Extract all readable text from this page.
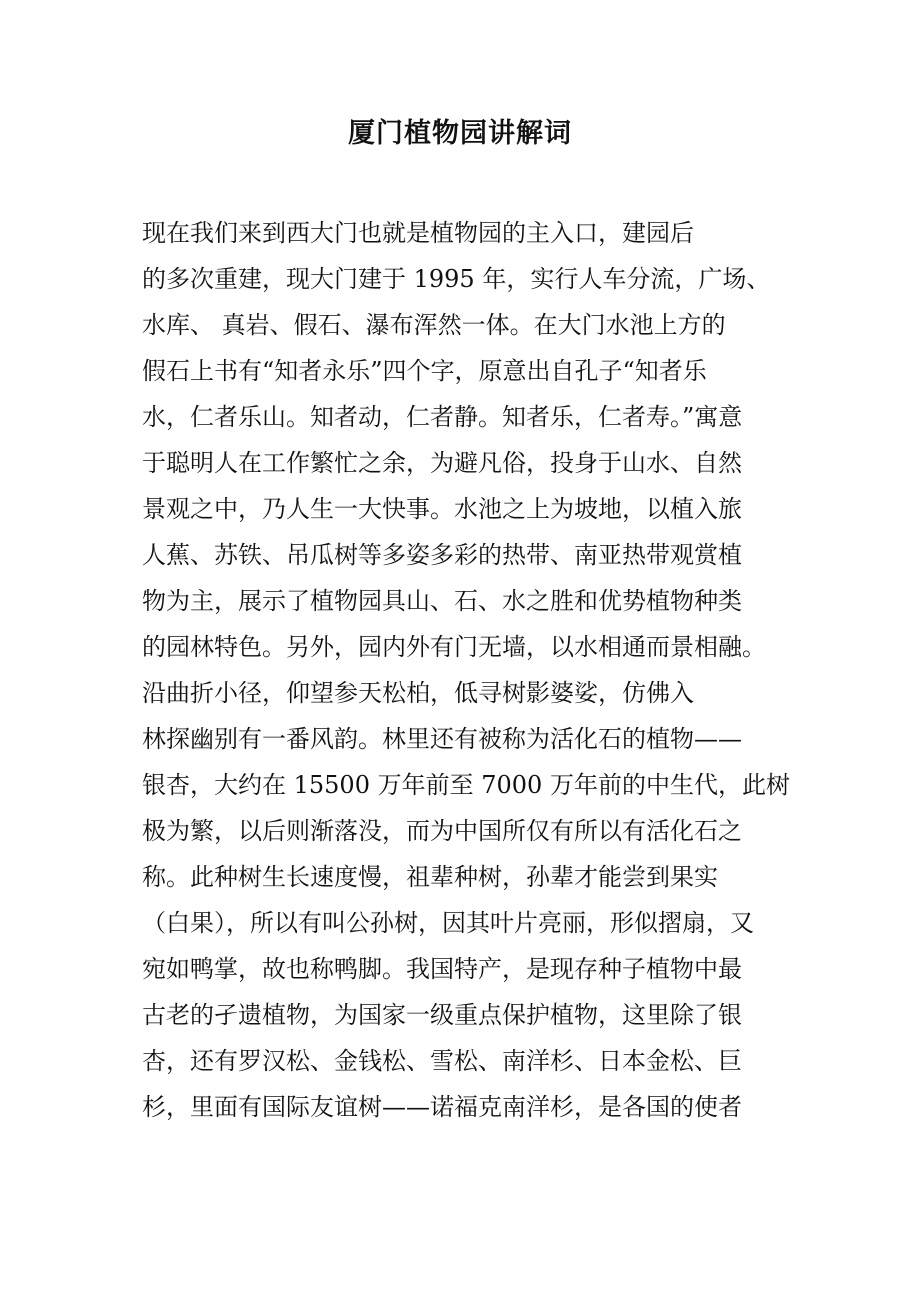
厦门植物园讲解词
现在我们来到西大门也就是植物园的主入口，建园后
的多次重建，现大门建于 1995 年，实行人车分流，广场、
水库、 真岩、假石、瀑布浑然一体。在大门水池上方的
假石上书有“知者永乐”四个字，原意出自孔子“知者乐
水，仁者乐山。知者动，仁者静。知者乐，仁者寿。”寓意
于聪明人在工作繁忙之余，为避凡俗，投身于山水、自然
景观之中，乃人生一大快事。水池之上为坡地，以植入旅
人蕉、苏铁、吊瓜树等多姿多彩的热带、南亚热带观赏植
物为主，展示了植物园具山、石、水之胜和优势植物种类
的园林特色。另外，园内外有门无墙，以水相通而景相融。
沿曲折小径，仰望参天松柏，低寻树影婆娑，仿佛入
林探幽别有一番风韵。林里还有被称为活化石的植物——
银杏，大约在 15500 万年前至 7000 万年前的中生代，此树
极为繁，以后则渐落没，而为中国所仅有所以有活化石之
称。此种树生长速度慢，祖辈种树，孙辈才能尝到果实
（白果），所以有叫公孙树，因其叶片亮丽，形似摺扇，又
宛如鸭掌，故也称鸭脚。我国特产，是现存种子植物中最
古老的孑遗植物，为国家一级重点保护植物，这里除了银
杏，还有罗汉松、金钱松、雪松、南洋杉、日本金松、巨
杉，里面有国际友谊树——诺福克南洋杉，是各国的使者
